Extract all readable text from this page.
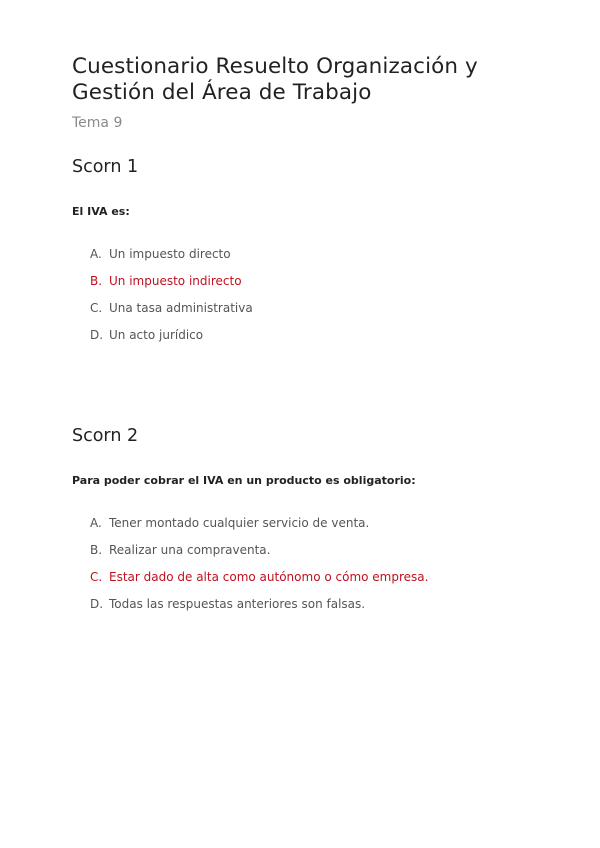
Cuestionario Resuelto Organización y Gestión del Área de Trabajo

Tema 9

Scorn 1

El IVA es:

A. Un impuesto directo
B. Un impuesto indirecto
C. Una tasa administrativa
D. Un acto jurídico
Scorn 2

Para poder cobrar el IVA en un producto es obligatorio:

A. Tener montado cualquier servicio de venta.
B. Realizar una compraventa.
C. Estar dado de alta como autónomo o cómo empresa.
D. Todas las respuestas anteriores son falsas.
